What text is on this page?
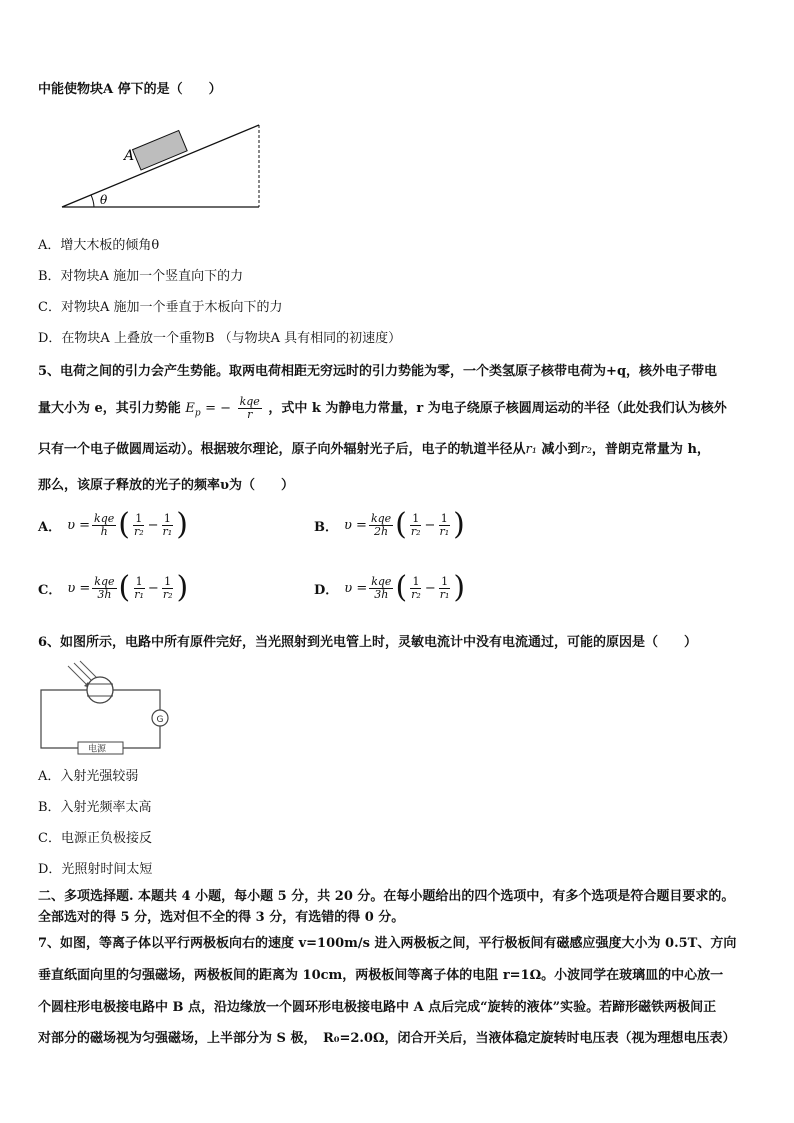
中能使物块A 停下的是（　　）
A
θ
A．增大木板的倾角θ
B．对物块A 施加一个竖直向下的力
C．对物块A 施加一个垂直于木板向下的力
D．在物块A 上叠放一个重物B （与物块A 具有相同的初速度）
5、电荷之间的引力会产生势能。取两电荷相距无穷远时的引力势能为零，一个类氢原子核带电荷为+q，核外电子带电
量大小为 e，其引力势能 $E_p$ = − $\frac{\text{kqe}}{r}$ ，式中 k 为静电力常量，r 为电子绕原子核圆周运动的半径（此处我们认为核外
只有一个电子做圆周运动）。根据玻尔理论，原子向外辐射光子后，电子的轨道半径从r₁ 减小到r₂，普朗克常量为 h，
那么，该原子释放的光子的频率υ为（　　）
A． $\upsilon = \frac{\text{kqe}}{h}$ ( $\frac{1}{\text{r₂}} - \frac{1}{\text{r₁}}$ )	B． $\upsilon = \frac{\text{kqe}}{2h}$ ( $\frac{1}{\text{r₂}} - \frac{1}{\text{r₁}}$ )
C． $\upsilon = \frac{\text{kqe}}{3h}$ ( $\frac{1}{\text{r₁}} - \frac{1}{\text{r₂}}$ )	D． $\upsilon = \frac{\text{kqe}}{3h}$ ( $\frac{1}{\text{r₂}} - \frac{1}{\text{r₁}}$ )
6、如图所示，电路中所有原件完好，当光照射到光电管上时，灵敏电流计中没有电流通过，可能的原因是（　　）
G
电源
A．入射光强较弱
B．入射光频率太高
C．电源正负极接反
D．光照射时间太短
二、多项选择题. 本题共 4 小题，每小题 5 分，共 20 分。在每小题给出的四个选项中，有多个选项是符合题目要求的。
全部选对的得 5 分，选对但不全的得 3 分，有选错的得 0 分。
7、如图，等离子体以平行两极板向右的速度 v=100m/s 进入两极板之间，平行极板间有磁感应强度大小为 0.5T、方向
垂直纸面向里的匀强磁场，两极板间的距离为 10cm，两极板间等离子体的电阻 r=1Ω。小波同学在玻璃皿的中心放一
个圆柱形电极接电路中 B 点，沿边缘放一个圆环形电极接电路中 A 点后完成“旋转的液体”实验。若蹄形磁铁两极间正
对部分的磁场视为匀强磁场，上半部分为 S 极，　R₀=2.0Ω，闭合开关后，当液体稳定旋转时电压表（视为理想电压表）
